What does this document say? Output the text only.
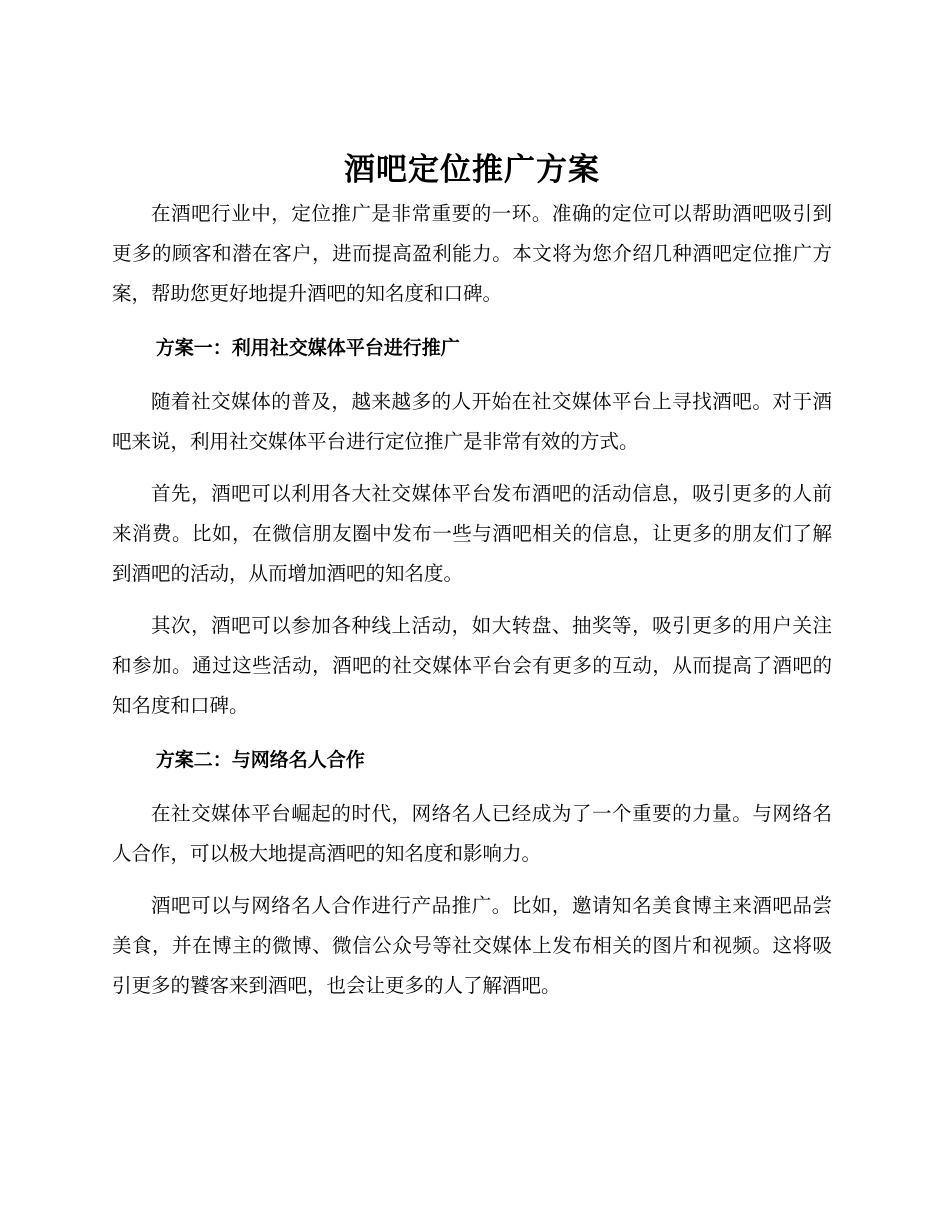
酒吧定位推广方案

在酒吧行业中，定位推广是非常重要的一环。准确的定位可以帮助酒吧吸引到更多的顾客和潜在客户，进而提高盈利能力。本文将为您介绍几种酒吧定位推广方案，帮助您更好地提升酒吧的知名度和口碑。

方案一：利用社交媒体平台进行推广

随着社交媒体的普及，越来越多的人开始在社交媒体平台上寻找酒吧。对于酒吧来说，利用社交媒体平台进行定位推广是非常有效的方式。

首先，酒吧可以利用各大社交媒体平台发布酒吧的活动信息，吸引更多的人前来消费。比如，在微信朋友圈中发布一些与酒吧相关的信息，让更多的朋友们了解到酒吧的活动，从而增加酒吧的知名度。

其次，酒吧可以参加各种线上活动，如大转盘、抽奖等，吸引更多的用户关注和参加。通过这些活动，酒吧的社交媒体平台会有更多的互动，从而提高了酒吧的知名度和口碑。

方案二：与网络名人合作

在社交媒体平台崛起的时代，网络名人已经成为了一个重要的力量。与网络名人合作，可以极大地提高酒吧的知名度和影响力。

酒吧可以与网络名人合作进行产品推广。比如，邀请知名美食博主来酒吧品尝美食，并在博主的微博、微信公众号等社交媒体上发布相关的图片和视频。这将吸引更多的饕客来到酒吧，也会让更多的人了解酒吧。
